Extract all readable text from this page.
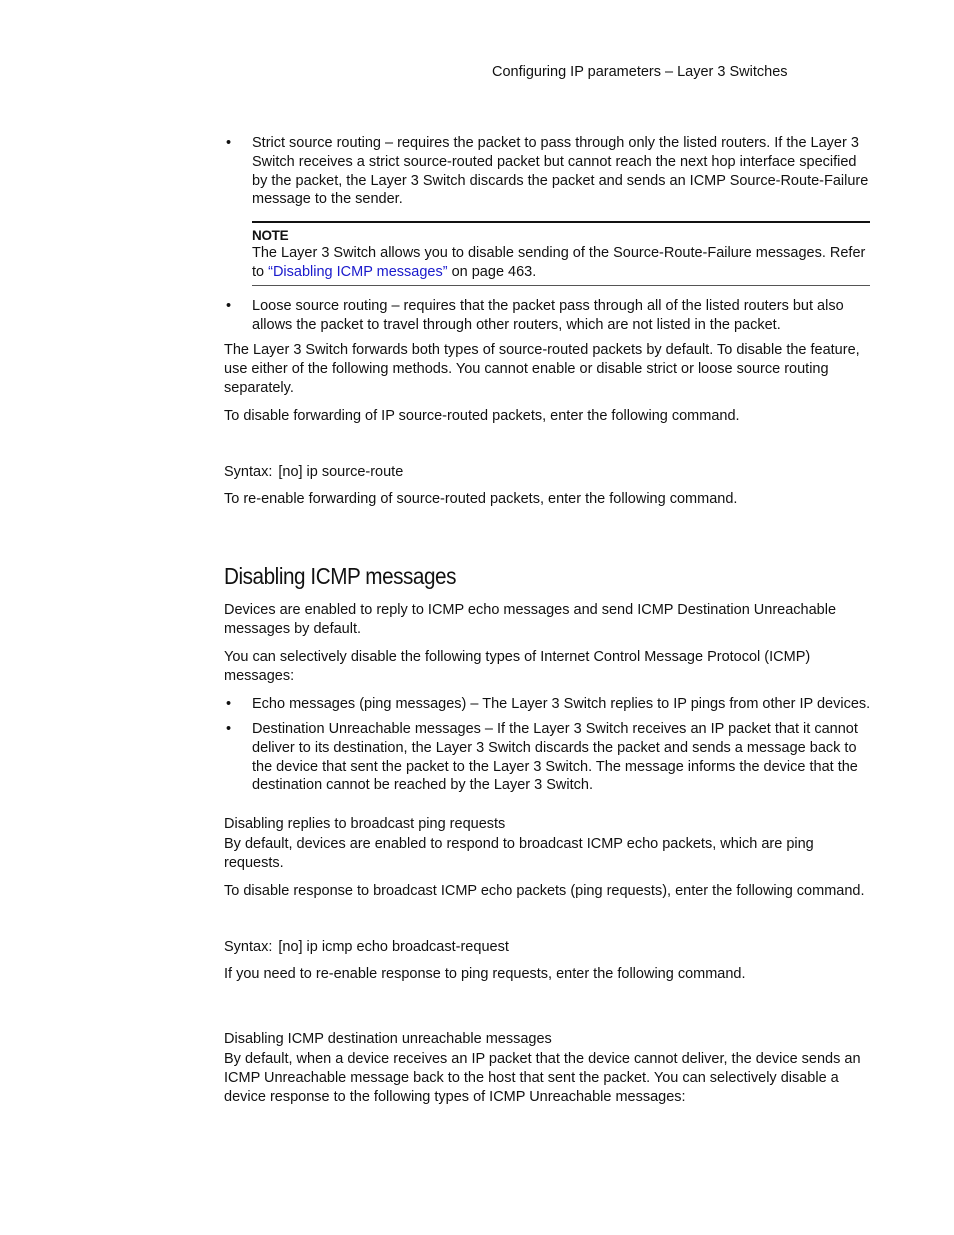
Configuring IP parameters – Layer 3 Switches
•	Strict source routing – requires the packet to pass through only the listed routers. If the Layer 3 Switch receives a strict source-routed packet but cannot reach the next hop interface specified by the packet, the Layer 3 Switch discards the packet and sends an ICMP Source-Route-Failure message to the sender.
NOTE
The Layer 3 Switch allows you to disable sending of the Source-Route-Failure messages. Refer to “Disabling ICMP messages” on page 463.
•	Loose source routing – requires that the packet pass through all of the listed routers but also allows the packet to travel through other routers, which are not listed in the packet.

The Layer 3 Switch forwards both types of source-routed packets by default. To disable the feature, use either of the following methods. You cannot enable or disable strict or loose source routing separately.

To disable forwarding of IP source-routed packets, enter the following command.

Syntax: [no] ip source-route

To re-enable forwarding of source-routed packets, enter the following command.

Disabling ICMP messages

Devices are enabled to reply to ICMP echo messages and send ICMP Destination Unreachable messages by default.

You can selectively disable the following types of Internet Control Message Protocol (ICMP) messages:

•	Echo messages (ping messages) – The Layer 3 Switch replies to IP pings from other IP devices.
•	Destination Unreachable messages – If the Layer 3 Switch receives an IP packet that it cannot deliver to its destination, the Layer 3 Switch discards the packet and sends a message back to the device that sent the packet to the Layer 3 Switch. The message informs the device that the destination cannot be reached by the Layer 3 Switch.
Disabling replies to broadcast ping requests

By default, devices are enabled to respond to broadcast ICMP echo packets, which are ping requests.

To disable response to broadcast ICMP echo packets (ping requests), enter the following command.

Syntax: [no] ip icmp echo broadcast-request

If you need to re-enable response to ping requests, enter the following command.

Disabling ICMP destination unreachable messages

By default, when a device receives an IP packet that the device cannot deliver, the device sends an ICMP Unreachable message back to the host that sent the packet. You can selectively disable a device response to the following types of ICMP Unreachable messages:
